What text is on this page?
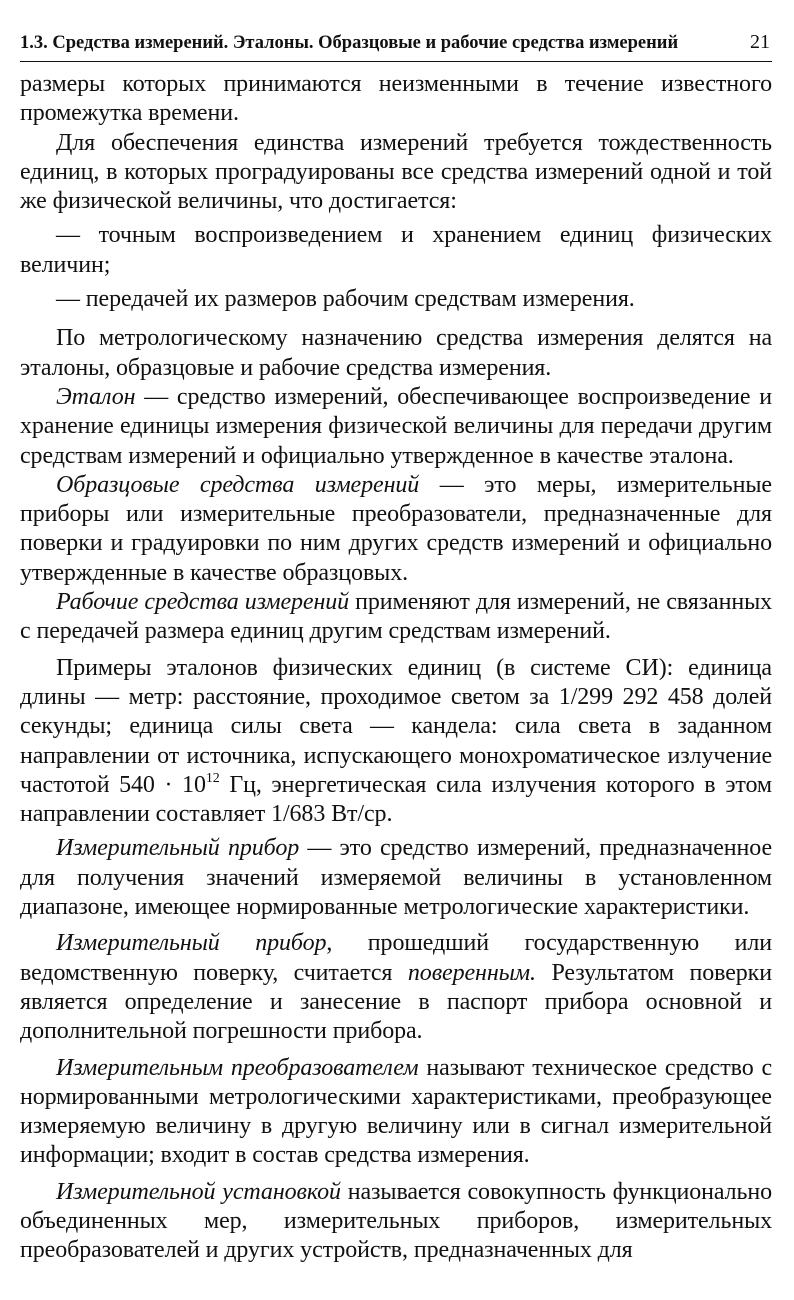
1.3. Средства измерений. Эталоны. Образцовые и рабочие средства измерений	21

размеры которых принимаются неизменными в течение известного промежутка времени.

Для обеспечения единства измерений требуется тождественность единиц, в которых проградуированы все средства измерений одной и той же физической величины, что достигается:

— точным воспроизведением и хранением единиц физических величин;

— передачей их размеров рабочим средствам измерения.

По метрологическому назначению средства измерения делятся на эталоны, образцовые и рабочие средства измерения.

Эталон — средство измерений, обеспечивающее воспроизведение и хранение единицы измерения физической величины для передачи другим средствам измерений и официально утвержденное в качестве эталона.

Образцовые средства измерений — это меры, измерительные приборы или измерительные преобразователи, предназначенные для поверки и градуировки по ним других средств измерений и официально утвержденные в качестве образцовых.

Рабочие средства измерений применяют для измерений, не связанных с передачей размера единиц другим средствам измерений.

Примеры эталонов физических единиц (в системе СИ): единица длины — метр: расстояние, проходимое светом за 1/299 292 458 долей секунды; единица силы света — кандела: сила света в заданном направлении от источника, испускающего монохроматическое излучение частотой $540 \cdot 10^{12}$ Гц, энергетическая сила излучения которого в этом направлении составляет 1/683 Вт/ср.

Измерительный прибор — это средство измерений, предназначенное для получения значений измеряемой величины в установленном диапазоне, имеющее нормированные метрологические характеристики.

Измерительный прибор, прошедший государственную или ведомственную поверку, считается поверенным. Результатом поверки является определение и занесение в паспорт прибора основной и дополнительной погрешности прибора.

Измерительным преобразователем называют техническое средство с нормированными метрологическими характеристиками, преобразующее измеряемую величину в другую величину или в сигнал измерительной информации; входит в состав средства измерения.

Измерительной установкой называется совокупность функционально объединенных мер, измерительных приборов, измерительных преобразователей и других устройств, предназначенных для
